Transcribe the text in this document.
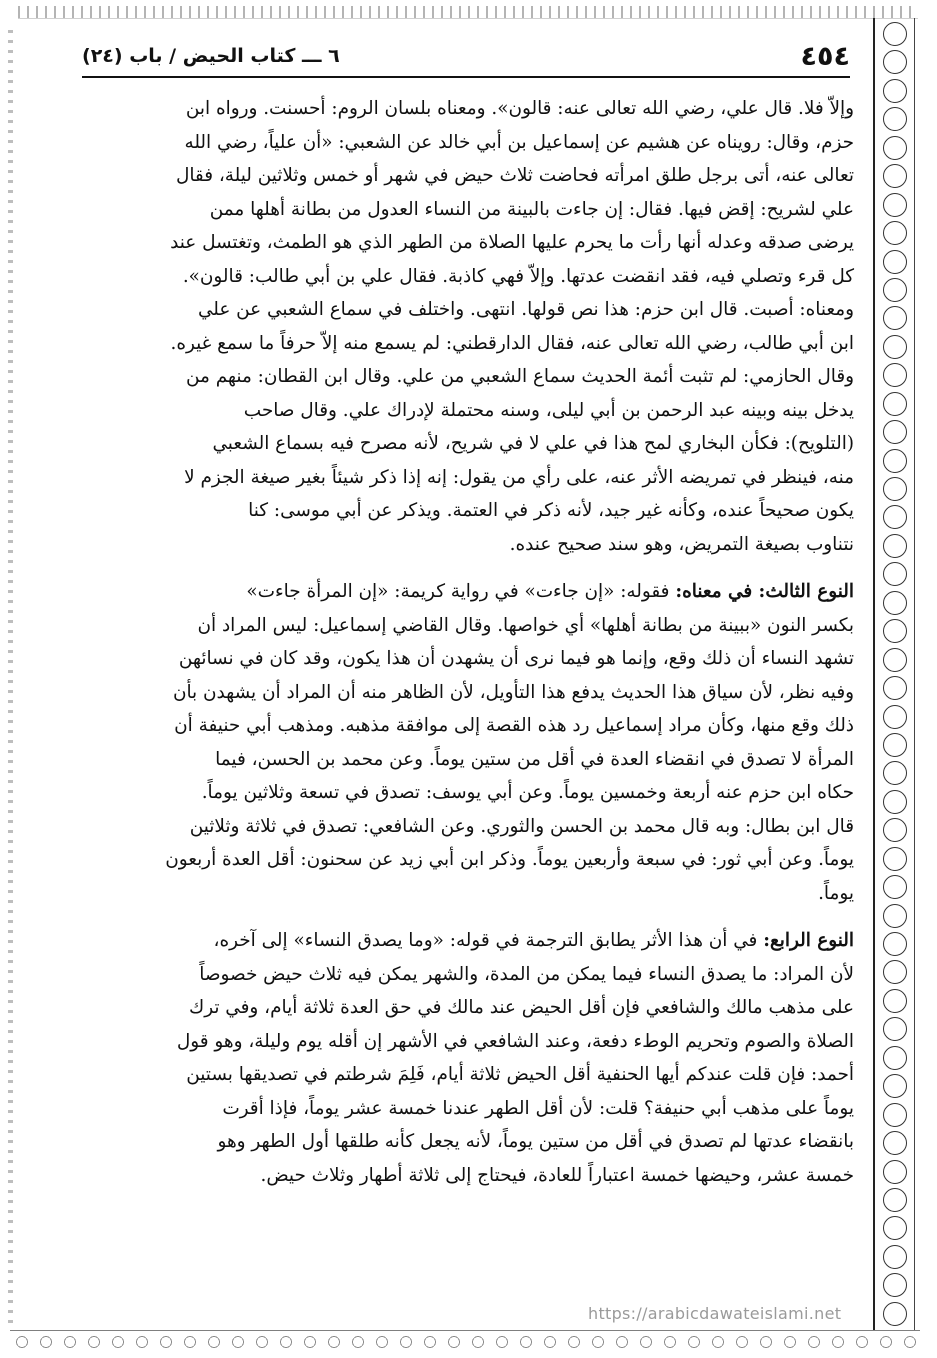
٤٥٤
٦ ـــ كتاب الحيض / باب (٢٤)
وإلاّ فلا. قال علي، رضي الله تعالى عنه: قالون». ومعناه بلسان الروم: أحسنت. ورواه ابن
حزم، وقال: رويناه عن هشيم عن إسماعيل بن أبي خالد عن الشعبي: «أن علياً، رضي الله
تعالى عنه، أتى برجل طلق امرأته فحاضت ثلاث حيض في شهر أو خمس وثلاثين ليلة، فقال
علي لشريح: إقض فيها. فقال: إن جاءت بالبينة من النساء العدول من بطانة أهلها ممن
يرضى صدقه وعدله أنها رأت ما يحرم عليها الصلاة من الطهر الذي هو الطمث، وتغتسل عند
كل قرء وتصلي فيه، فقد انقضت عدتها. وإلاّ فهي كاذبة. فقال علي بن أبي طالب: قالون».
ومعناه: أصبت. قال ابن حزم: هذا نص قولها. انتهى. واختلف في سماع الشعبي عن علي
ابن أبي طالب، رضي الله تعالى عنه، فقال الدارقطني: لم يسمع منه إلاّ حرفاً ما سمع غيره.
وقال الحازمي: لم تثبت أئمة الحديث سماع الشعبي من علي. وقال ابن القطان: منهم من
يدخل بينه وبينه عبد الرحمن بن أبي ليلى، وسنه محتملة لإدراك علي. وقال صاحب
(التلويح): فكأن البخاري لمح هذا في علي لا في شريح، لأنه مصرح فيه بسماع الشعبي
منه، فينظر في تمريضه الأثر عنه، على رأي من يقول: إنه إذا ذكر شيئاً بغير صيغة الجزم لا
يكون صحيحاً عنده، وكأنه غير جيد، لأنه ذكر في العتمة. ويذكر عن أبي موسى: كنا
نتناوب بصيغة التمريض، وهو سند صحيح عنده.
النوع الثالث: في معناه: فقوله: «إن جاءت» في رواية كريمة: «إن المرأة جاءت»
بكسر النون «ببينة من بطانة أهلها» أي خواصها. وقال القاضي إسماعيل: ليس المراد أن
تشهد النساء أن ذلك وقع، وإنما هو فيما نرى أن يشهدن أن هذا يكون، وقد كان في نسائهن
وفيه نظر، لأن سياق هذا الحديث يدفع هذا التأويل، لأن الظاهر منه أن المراد أن يشهدن بأن
ذلك وقع منها، وكأن مراد إسماعيل رد هذه القصة إلى موافقة مذهبه. ومذهب أبي حنيفة أن
المرأة لا تصدق في انقضاء العدة في أقل من ستين يوماً. وعن محمد بن الحسن، فيما
حكاه ابن حزم عنه أربعة وخمسين يوماً. وعن أبي يوسف: تصدق في تسعة وثلاثين يوماً.
قال ابن بطال: وبه قال محمد بن الحسن والثوري. وعن الشافعي: تصدق في ثلاثة وثلاثين
يوماً. وعن أبي ثور: في سبعة وأربعين يوماً. وذكر ابن أبي زيد عن سحنون: أقل العدة أربعون
يوماً.
النوع الرابع: في أن هذا الأثر يطابق الترجمة في قوله: «وما يصدق النساء» إلى آخره،
لأن المراد: ما يصدق النساء فيما يمكن من المدة، والشهر يمكن فيه ثلاث حيض خصوصاً
على مذهب مالك والشافعي فإن أقل الحيض عند مالك في حق العدة ثلاثة أيام، وفي ترك
الصلاة والصوم وتحريم الوطء دفعة، وعند الشافعي في الأشهر إن أقله يوم وليلة، وهو قول
أحمد: فإن قلت عندكم أيها الحنفية أقل الحيض ثلاثة أيام، فَلِمَ شرطتم في تصديقها بستين
يوماً على مذهب أبي حنيفة؟ قلت: لأن أقل الطهر عندنا خمسة عشر يوماً، فإذا أقرت
بانقضاء عدتها لم تصدق في أقل من ستين يوماً، لأنه يجعل كأنه طلقها أول الطهر وهو
خمسة عشر، وحيضها خمسة اعتباراً للعادة، فيحتاج إلى ثلاثة أطهار وثلاث حيض.
https://arabicdawateislami.net
